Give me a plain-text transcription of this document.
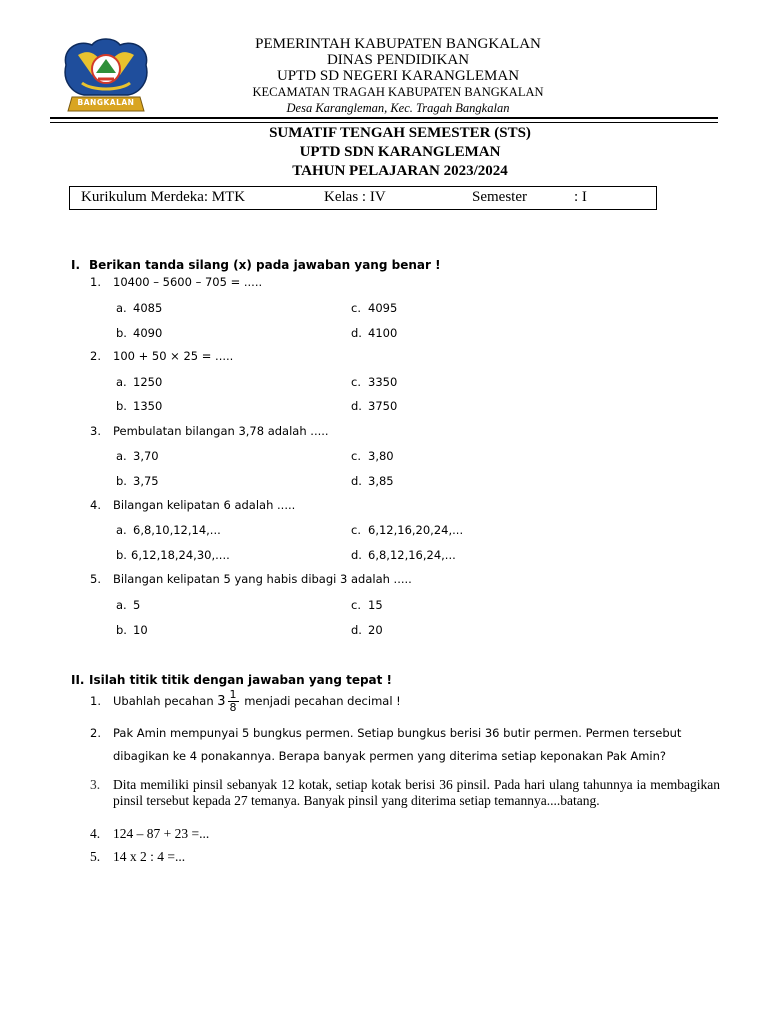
BANGKALAN
PEMERINTAH KABUPATEN BANGKALAN
DINAS PENDIDIKAN
UPTD SD NEGERI KARANGLEMAN
KECAMATAN TRAGAH KABUPATEN BANGKALAN
Desa Karangleman, Kec. Tragah Bangkalan
SUMATIF TENGAH SEMESTER (STS)
UPTD SDN KARANGLEMAN
TAHUN PELAJARAN 2023/2024
Kurikulum Merdeka: MTK	Kelas : IV	Semester	: I
I. Berikan tanda silang (x) pada jawaban yang benar !
1. 10400 – 5600 – 705 = .....
a. 4085	c. 4095
b. 4090	d. 4100
2. 100 + 50 × 25 = .....
a. 1250	c. 3350
b. 1350	d. 3750
3. Pembulatan bilangan 3,78 adalah .....
a. 3,70	c. 3,80
b. 3,75	d. 3,85
4. Bilangan kelipatan 6 adalah .....
a. 6,8,10,12,14,...	c. 6,12,16,20,24,...
b. 6,12,18,24,30,....	d. 6,8,12,16,24,...
5. Bilangan kelipatan 5 yang habis dibagi 3 adalah .....
a. 5	c. 15
b. 10	d. 20
II. Isilah titik titik dengan jawaban yang tepat !
1. Ubahlah pecahan $3 \frac{1}{8}$ menjadi pecahan decimal !
2. Pak Amin mempunyai 5 bungkus permen. Setiap bungkus berisi 36 butir permen. Permen tersebut
dibagikan ke 4 ponakannya. Berapa banyak permen yang diterima setiap keponakan Pak Amin?
3. Dita memiliki pinsil sebanyak 12 kotak, setiap kotak berisi 36 pinsil. Pada hari ulang tahunnya ia membagikan pinsil tersebut kepada 27 temanya. Banyak pinsil yang diterima setiap temannya....batang.
4. 124 – 87 + 23 =...
5. 14 x 2 : 4 =...
